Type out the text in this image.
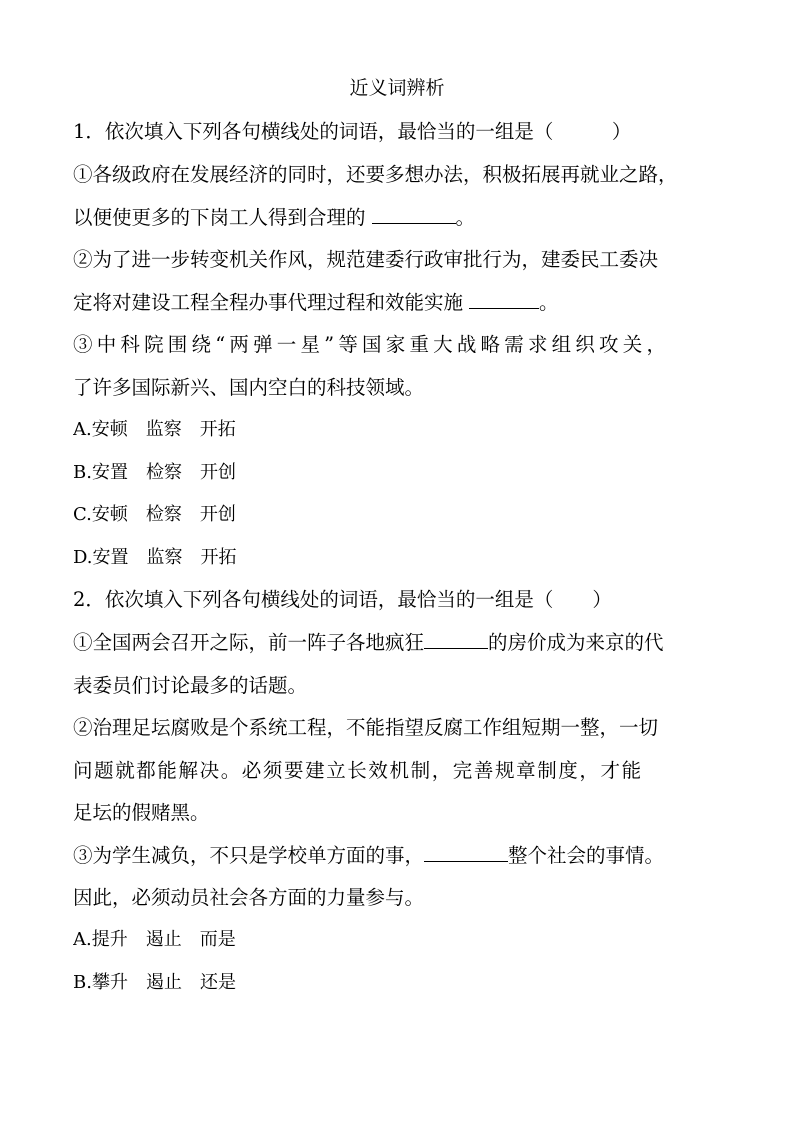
近义词辨析
1．依次填入下列各句横线处的词语，最恰当的一组是（　　　）
①各级政府在发展经济的同时，还要多想办法，积极拓展再就业之路，
以便使更多的下岗工人得到合理的	。
②为了进一步转变机关作风，规范建委行政审批行为，建委民工委决
定将对建设工程全程办事代理过程和效能实施	。
③中科院围绕“两弹一星”等国家重大战略需求组织攻关，
了许多国际新兴、国内空白的科技领域。
A.安顿 监察 开拓
B.安置 检察 开创
C.安顿 检察 开创
D.安置 监察 开拓
2．依次填入下列各句横线处的词语，最恰当的一组是（　　）
①全国两会召开之际，前一阵子各地疯狂	的房价成为来京的代
表委员们讨论最多的话题。
②治理足坛腐败是个系统工程，不能指望反腐工作组短期一整，一切
问题就都能解决。必须要建立长效机制，完善规章制度，才能
足坛的假赌黑。
③为学生减负，不只是学校单方面的事，	整个社会的事情。
因此，必须动员社会各方面的力量参与。
A.提升 遏止 而是
B.攀升 遏止 还是
